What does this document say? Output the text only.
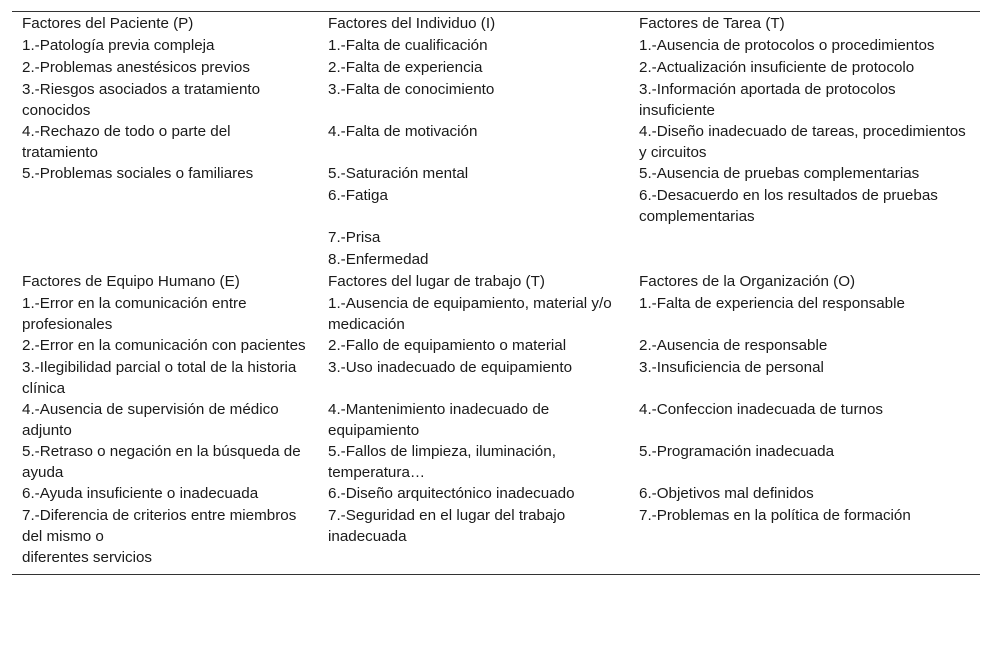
Factores del Paciente (P)	Factores del Individuo (I)	Factores de Tarea (T)
1.-Patología previa compleja	1.-Falta de cualificación	1.-Ausencia de protocolos o procedimientos
2.-Problemas anestésicos previos	2.-Falta de experiencia	2.-Actualización insuficiente de protocolo
3.-Riesgos asociados a tratamiento conocidos	3.-Falta de conocimiento	3.-Información aportada de protocolos insuficiente
4.-Rechazo de todo o parte del tratamiento	4.-Falta de motivación	4.-Diseño inadecuado de tareas, procedimientos y circuitos
5.-Problemas sociales o familiares	5.-Saturación mental	5.-Ausencia de pruebas complementarias
	6.-Fatiga	6.-Desacuerdo en los resultados de pruebas complementarias
	7.-Prisa	
	8.-Enfermedad	
Factores de Equipo Humano (E)	Factores del lugar de trabajo (T)	Factores de la Organización (O)
1.-Error en la comunicación entre profesionales	1.-Ausencia de equipamiento, material y/o medicación	1.-Falta de experiencia del responsable
2.-Error en la comunicación con pacientes	2.-Fallo de equipamiento o material	2.-Ausencia de responsable
3.-Ilegibilidad parcial o total de la historia clínica	3.-Uso inadecuado de equipamiento	3.-Insuficiencia de personal
4.-Ausencia de supervisión de médico adjunto	4.-Mantenimiento inadecuado de equipamiento	4.-Confeccion inadecuada de turnos
5.-Retraso o negación en la búsqueda de ayuda	5.-Fallos de limpieza, iluminación, temperatura…	5.-Programación inadecuada
6.-Ayuda insuficiente o inadecuada	6.-Diseño arquitectónico inadecuado	6.-Objetivos mal definidos
7.-Diferencia de criterios entre miembros del mismo o	7.-Seguridad en el lugar del trabajo inadecuada	7.-Problemas en la política de formación
diferentes servicios		
